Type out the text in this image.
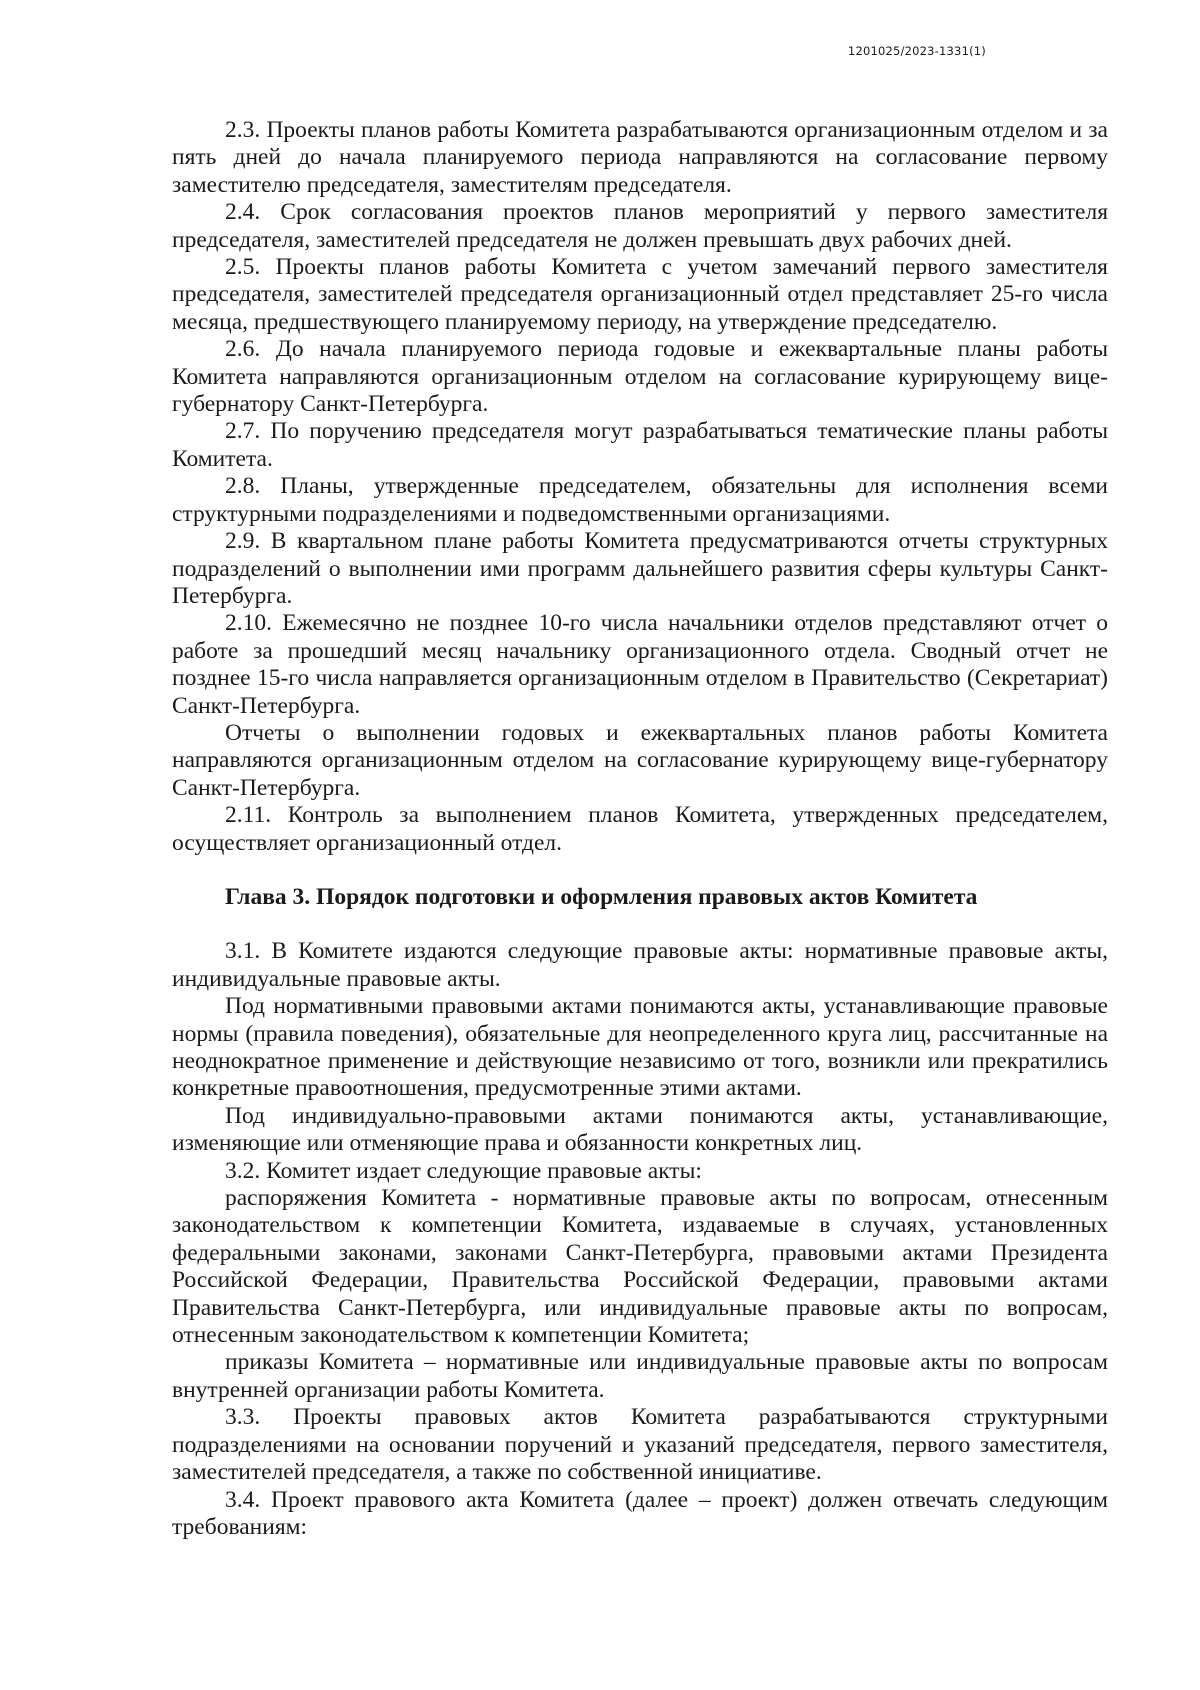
1201025/2023-1331(1)

2.3. Проекты планов работы Комитета разрабатываются организационным отделом и за пять дней до начала планируемого периода направляются на согласование первому заместителю председателя, заместителям председателя.

2.4. Срок согласования проектов планов мероприятий у первого заместителя председателя, заместителей председателя не должен превышать двух рабочих дней.

2.5. Проекты планов работы Комитета с учетом замечаний первого заместителя председателя, заместителей председателя организационный отдел представляет 25-го числа месяца, предшествующего планируемому периоду, на утверждение председателю.

2.6. До начала планируемого периода годовые и ежеквартальные планы работы Комитета направляются организационным отделом на согласование курирующему вице-губернатору Санкт-Петербурга.

2.7. По поручению председателя могут разрабатываться тематические планы работы Комитета.

2.8. Планы, утвержденные председателем, обязательны для исполнения всеми структурными подразделениями и подведомственными организациями.

2.9. В квартальном плане работы Комитета предусматриваются отчеты структурных подразделений о выполнении ими программ дальнейшего развития сферы культуры Санкт-Петербурга.

2.10. Ежемесячно не позднее 10-го числа начальники отделов представляют отчет о работе за прошедший месяц начальнику организационного отдела. Сводный отчет не позднее 15-го числа направляется организационным отделом в Правительство (Секретариат) Санкт-Петербурга.

Отчеты о выполнении годовых и ежеквартальных планов работы Комитета направляются организационным отделом на согласование курирующему вице-губернатору Санкт-Петербурга.

2.11. Контроль за выполнением планов Комитета, утвержденных председателем, осуществляет организационный отдел.

Глава 3. Порядок подготовки и оформления правовых актов Комитета

3.1. В Комитете издаются следующие правовые акты: нормативные правовые акты, индивидуальные правовые акты.

Под нормативными правовыми актами понимаются акты, устанавливающие правовые нормы (правила поведения), обязательные для неопределенного круга лиц, рассчитанные на неоднократное применение и действующие независимо от того, возникли или прекратились конкретные правоотношения, предусмотренные этими актами.

Под индивидуально-правовыми актами понимаются акты, устанавливающие, изменяющие или отменяющие права и обязанности конкретных лиц.

3.2. Комитет издает следующие правовые акты:

распоряжения Комитета - нормативные правовые акты по вопросам, отнесенным законодательством к компетенции Комитета, издаваемые в случаях, установленных федеральными законами, законами Санкт-Петербурга, правовыми актами Президента Российской Федерации, Правительства Российской Федерации, правовыми актами Правительства Санкт-Петербурга, или индивидуальные правовые акты по вопросам, отнесенным законодательством к компетенции Комитета;

приказы Комитета – нормативные или индивидуальные правовые акты по вопросам внутренней организации работы Комитета.

3.3. Проекты правовых актов Комитета разрабатываются структурными подразделениями на основании поручений и указаний председателя, первого заместителя, заместителей председателя, а также по собственной инициативе.

3.4. Проект правового акта Комитета (далее – проект) должен отвечать следующим требованиям:
